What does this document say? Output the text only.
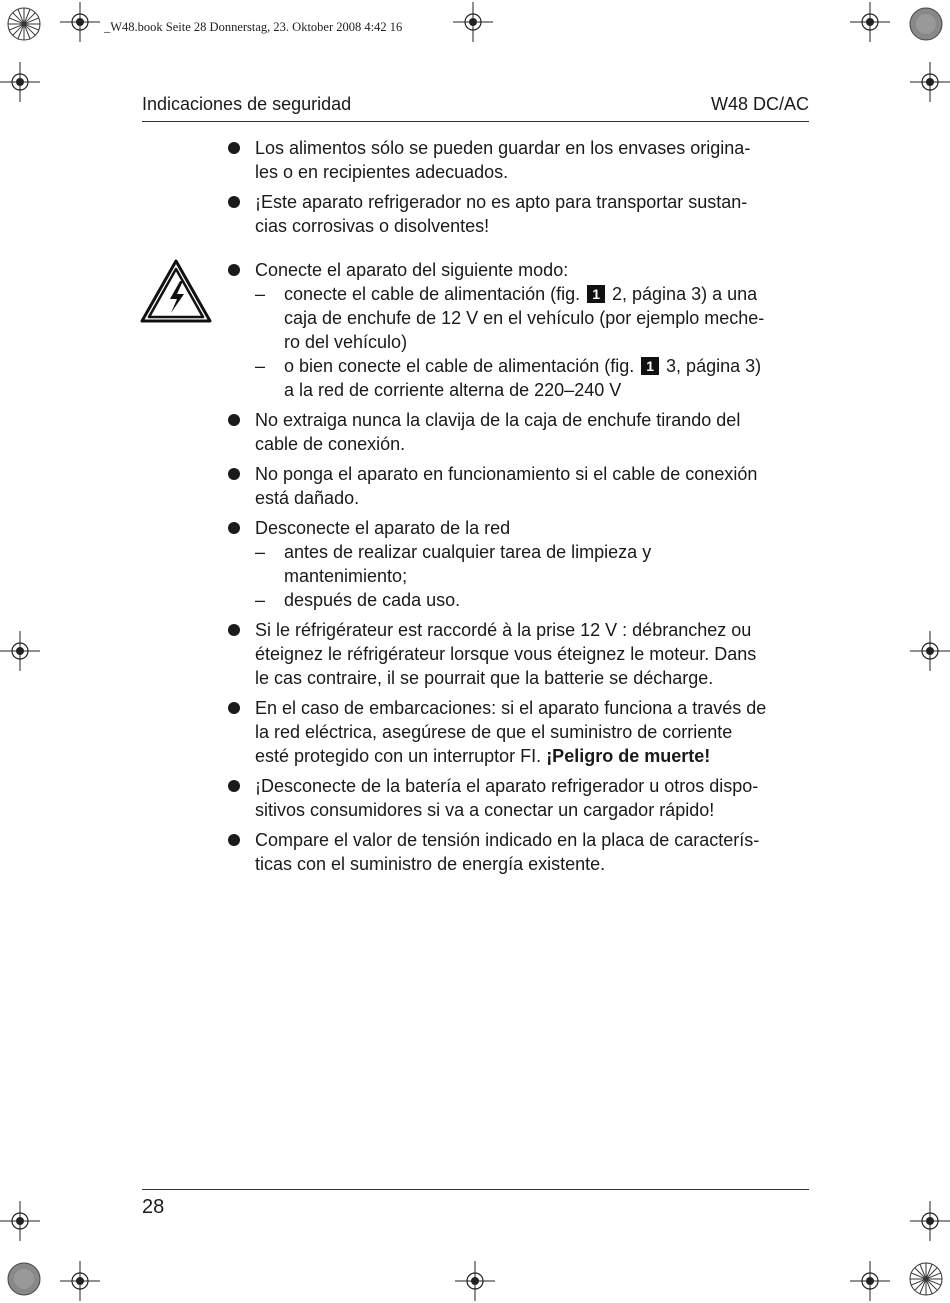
_W48.book Seite 28 Donnerstag, 23. Oktober 2008 4:42 16
Indicaciones de seguridad	W48 DC/AC
Los alimentos sólo se pueden guardar en los envases origina-
les o en recipientes adecuados.
¡Este aparato refrigerador no es apto para transportar sustan-
cias corrosivas o disolventes!
Conecte el aparato del siguiente modo:
– conecte el cable de alimentación (fig. 1 2, página 3) a una
caja de enchufe de 12 V en el vehículo (por ejemplo meche-
ro del vehículo)
– o bien conecte el cable de alimentación (fig. 1 3, página 3)
a la red de corriente alterna de 220–240 V
No extraiga nunca la clavija de la caja de enchufe tirando del
cable de conexión.
No ponga el aparato en funcionamiento si el cable de conexión
está dañado.
Desconecte el aparato de la red
– antes de realizar cualquier tarea de limpieza y
mantenimiento;
– después de cada uso.
Si le réfrigérateur est raccordé à la prise 12 V : débranchez ou
éteignez le réfrigérateur lorsque vous éteignez le moteur. Dans
le cas contraire, il se pourrait que la batterie se décharge.
En el caso de embarcaciones: si el aparato funciona a través de
la red eléctrica, asegúrese de que el suministro de corriente
esté protegido con un interruptor FI. ¡Peligro de muerte!
¡Desconecte de la batería el aparato refrigerador u otros dispo-
sitivos consumidores si va a conectar un cargador rápido!
Compare el valor de tensión indicado en la placa de caracterís-
ticas con el suministro de energía existente.
28
